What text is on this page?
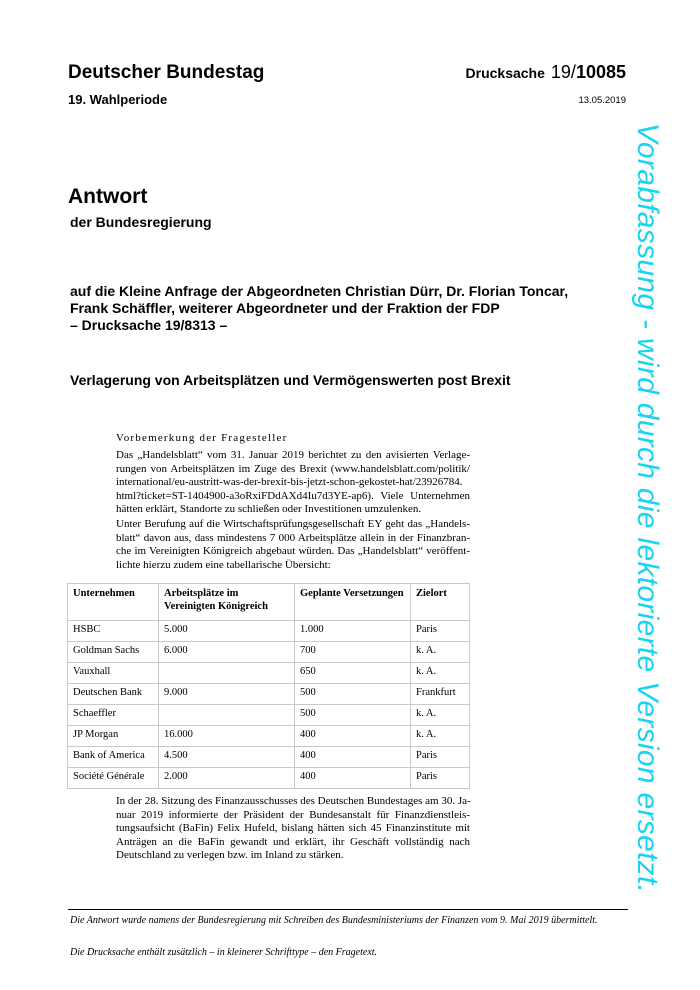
Deutscher Bundestag
19. Wahlperiode
Drucksache 19/10085
13.05.2019
Antwort
der Bundesregierung
auf die Kleine Anfrage der Abgeordneten Christian Dürr, Dr. Florian Toncar,
Frank Schäffler, weiterer Abgeordneter und der Fraktion der FDP
– Drucksache 19/8313 –
Verlagerung von Arbeitsplätzen und Vermögenswerten post Brexit
Vorbemerkung der Fragesteller
Das „Handelsblatt“ vom 31. Januar 2019 berichtet zu den avisierten Verlage-
rungen von Arbeitsplätzen im Zuge des Brexit (www.handelsblatt.com/politik/
international/eu-austritt-was-der-brexit-bis-jetzt-schon-gekostet-hat/23926784.
html?ticket=ST-1404900-a3oRxiFDdAXd4Iu7d3YE-ap6). Viele Unternehmen
hätten erklärt, Standorte zu schließen oder Investitionen umzulenken.
Unter Berufung auf die Wirtschaftsprüfungsgesellschaft EY geht das „Handels-
blatt“ davon aus, dass mindestens 7 000 Arbeitsplätze allein in der Finanzbran-
che im Vereinigten Königreich abgebaut würden. Das „Handelsblatt“ veröffent-
lichte hierzu zudem eine tabellarische Übersicht:
Unternehmen	Arbeitsplätze im Vereinigten Königreich	Geplante Versetzungen	Zielort
HSBC	5.000	1.000	Paris
Goldman Sachs	6.000	700	k. A.
Vauxhall		650	k. A.
Deutschen Bank	9.000	500	Frankfurt
Schaeffler		500	k. A.
JP Morgan	16.000	400	k. A.
Bank of America	4.500	400	Paris
Société Générale	2.000	400	Paris
In der 28. Sitzung des Finanzausschusses des Deutschen Bundestages am 30. Ja-
nuar 2019 informierte der Präsident der Bundesanstalt für Finanzdienstleis-
tungsaufsicht (BaFin) Felix Hufeld, bislang hätten sich 45 Finanzinstitute mit
Anträgen an die BaFin gewandt und erklärt, ihr Geschäft vollständig nach
Deutschland zu verlegen bzw. im Inland zu stärken.
Die Antwort wurde namens der Bundesregierung mit Schreiben des Bundesministeriums der Finanzen vom 9. Mai 2019 übermittelt.
Die Drucksache enthält zusätzlich – in kleinerer Schrifttype – den Fragetext.
Vorabfassung - wird durch die lektorierte Version ersetzt.
